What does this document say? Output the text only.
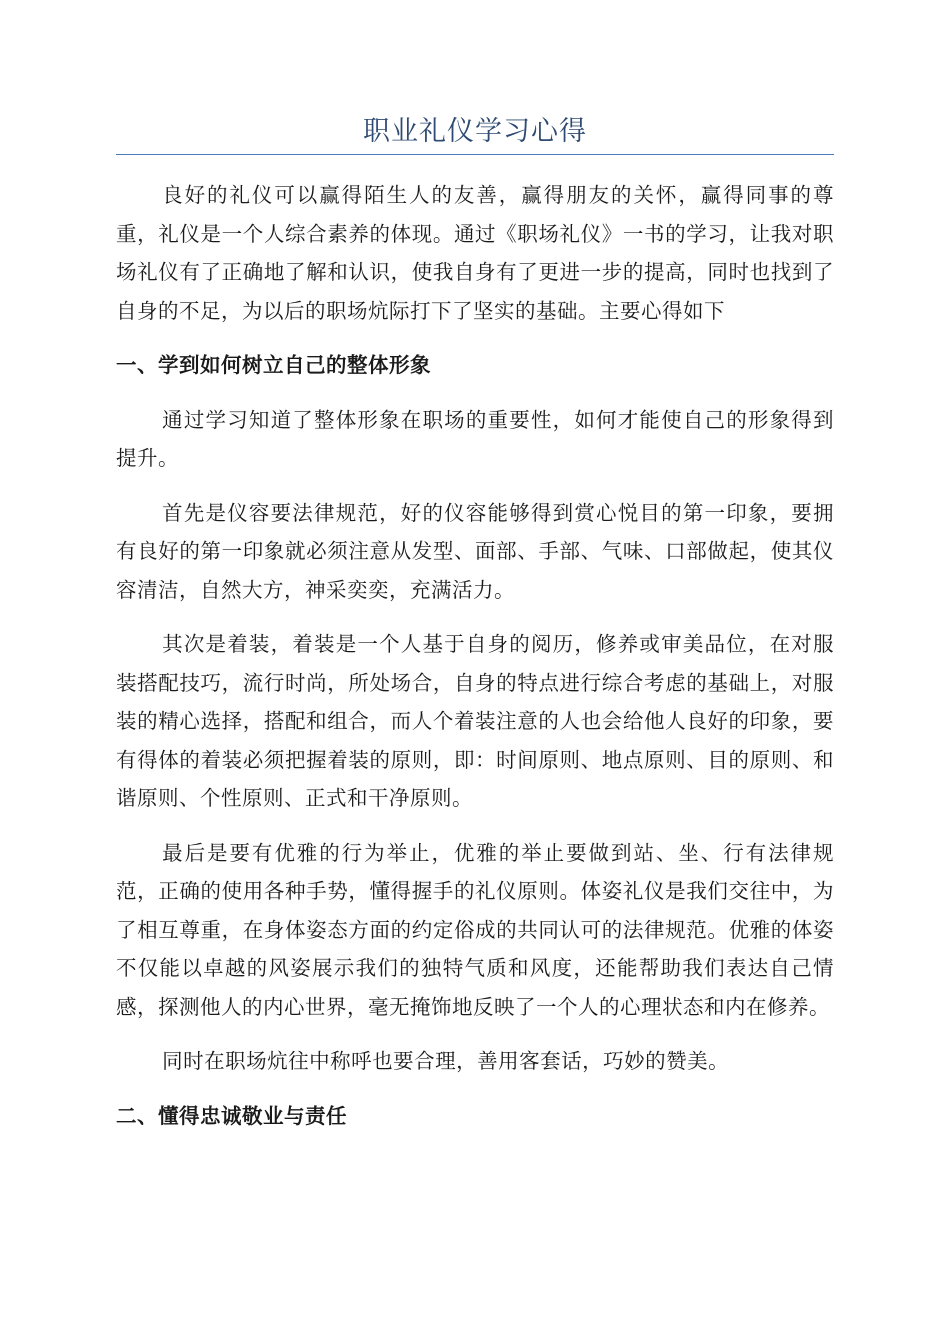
职业礼仪学习心得

良好的礼仪可以赢得陌生人的友善，赢得朋友的关怀，赢得同事的尊重，礼仪是一个人综合素养的体现。通过《职场礼仪》一书的学习，让我对职场礼仪有了正确地了解和认识，使我自身有了更进一步的提高，同时也找到了自身的不足，为以后的职场炕际打下了坚实的基础。主要心得如下

一、学到如何树立自己的整体形象

通过学习知道了整体形象在职场的重要性，如何才能使自己的形象得到提升。

首先是仪容要法律规范，好的仪容能够得到赏心悦目的第一印象，要拥有良好的第一印象就必须注意从发型、面部、手部、气味、口部做起，使其仪容清洁，自然大方，神采奕奕，充满活力。

其次是着装，着装是一个人基于自身的阅历，修养或审美品位，在对服装搭配技巧，流行时尚，所处场合，自身的特点进行综合考虑的基础上，对服装的精心选择，搭配和组合，而人个着装注意的人也会给他人良好的印象，要有得体的着装必须把握着装的原则，即：时间原则、地点原则、目的原则、和谐原则、个性原则、正式和干净原则。

最后是要有优雅的行为举止，优雅的举止要做到站、坐、行有法律规范，正确的使用各种手势，懂得握手的礼仪原则。体姿礼仪是我们交往中，为了相互尊重，在身体姿态方面的约定俗成的共同认可的法律规范。优雅的体姿不仅能以卓越的风姿展示我们的独特气质和风度，还能帮助我们表达自己情感，探测他人的内心世界，毫无掩饰地反映了一个人的心理状态和内在修养。

同时在职场炕往中称呼也要合理，善用客套话，巧妙的赞美。

二、懂得忠诚敬业与责任
